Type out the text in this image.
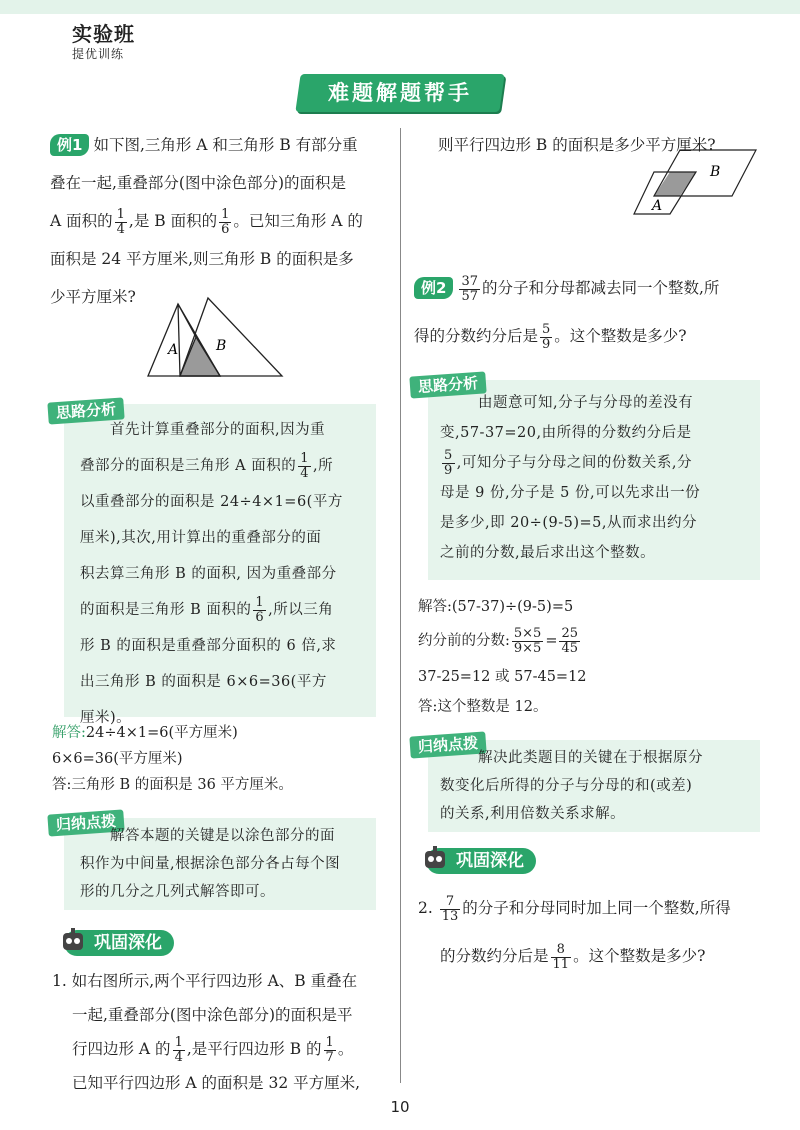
实验班
提优训练
难题解题帮手
例1 如下图,三角形 A 和三角形 B 有部分重
叠在一起,重叠部分(图中涂色部分)的面积是
A 面积的 $\frac{1}{4}$ ,是 B 面积的 $\frac{1}{6}$ 。已知三角形 A 的
面积是 24 平方厘米,则三角形 B 的面积是多
少平方厘米?
A	B
思路分析
首先计算重叠部分的面积,因为重
叠部分的面积是三角形 A 面积的 $\frac{1}{4}$ ,所
以重叠部分的面积是 24÷4×1=6(平方
厘米),其次,用计算出的重叠部分的面
积去算三角形 B 的面积, 因为重叠部分
的面积是三角形 B 面积的 $\frac{1}{6}$ ,所以三角
形 B 的面积是重叠部分面积的 6 倍,求
出三角形 B 的面积是 6×6=36(平方
厘米)。
解答:24÷4×1=6(平方厘米)
6×6=36(平方厘米)
答:三角形 B 的面积是 36 平方厘米。
归纳点拨
解答本题的关键是以涂色部分的面
积作为中间量,根据涂色部分各占每个图
形的几分之几列式解答即可。
巩固深化
1. 如右图所示,两个平行四边形 A、B 重叠在
一起,重叠部分(图中涂色部分)的面积是平
行四边形 A 的 $\frac{1}{4}$ ,是平行四边形 B 的 $\frac{1}{7}$ 。
已知平行四边形 A 的面积是 32 平方厘米,
则平行四边形 B 的面积是多少平方厘米?
A
B
例$2 \frac{37}{57}$ 的分子和分母都减去同一个整数,所
得的分数约分后是 $\frac{5}{9}$ 。这个整数是多少?
思路分析
由题意可知,分子与分母的差没有
变,57-37=20,由所得的分数约分后是
$\frac{5}{9}$ ,可知分子与分母之间的份数关系,分
母是 9 份,分子是 5 份,可以先求出一份
是多少,即 20÷(9-5)=5,从而求出约分
之前的分数,最后求出这个整数。
解答:(57-37)÷(9-5)=5
约分前的分数: $\frac{5\times 5}{9\times 5} = \frac{25}{45}$
37-25=12 或 57-45=12
答:这个整数是 12。
归纳点拨
解决此类题目的关键在于根据原分
数变化后所得的分子与分母的和(或差)
的关系,利用倍数关系求解。
巩固深化
2. $\frac{7}{13}$ 的分子和分母同时加上同一个整数,所得
的分数约分后是 $\frac{8}{11}$ 。这个整数是多少?
10
